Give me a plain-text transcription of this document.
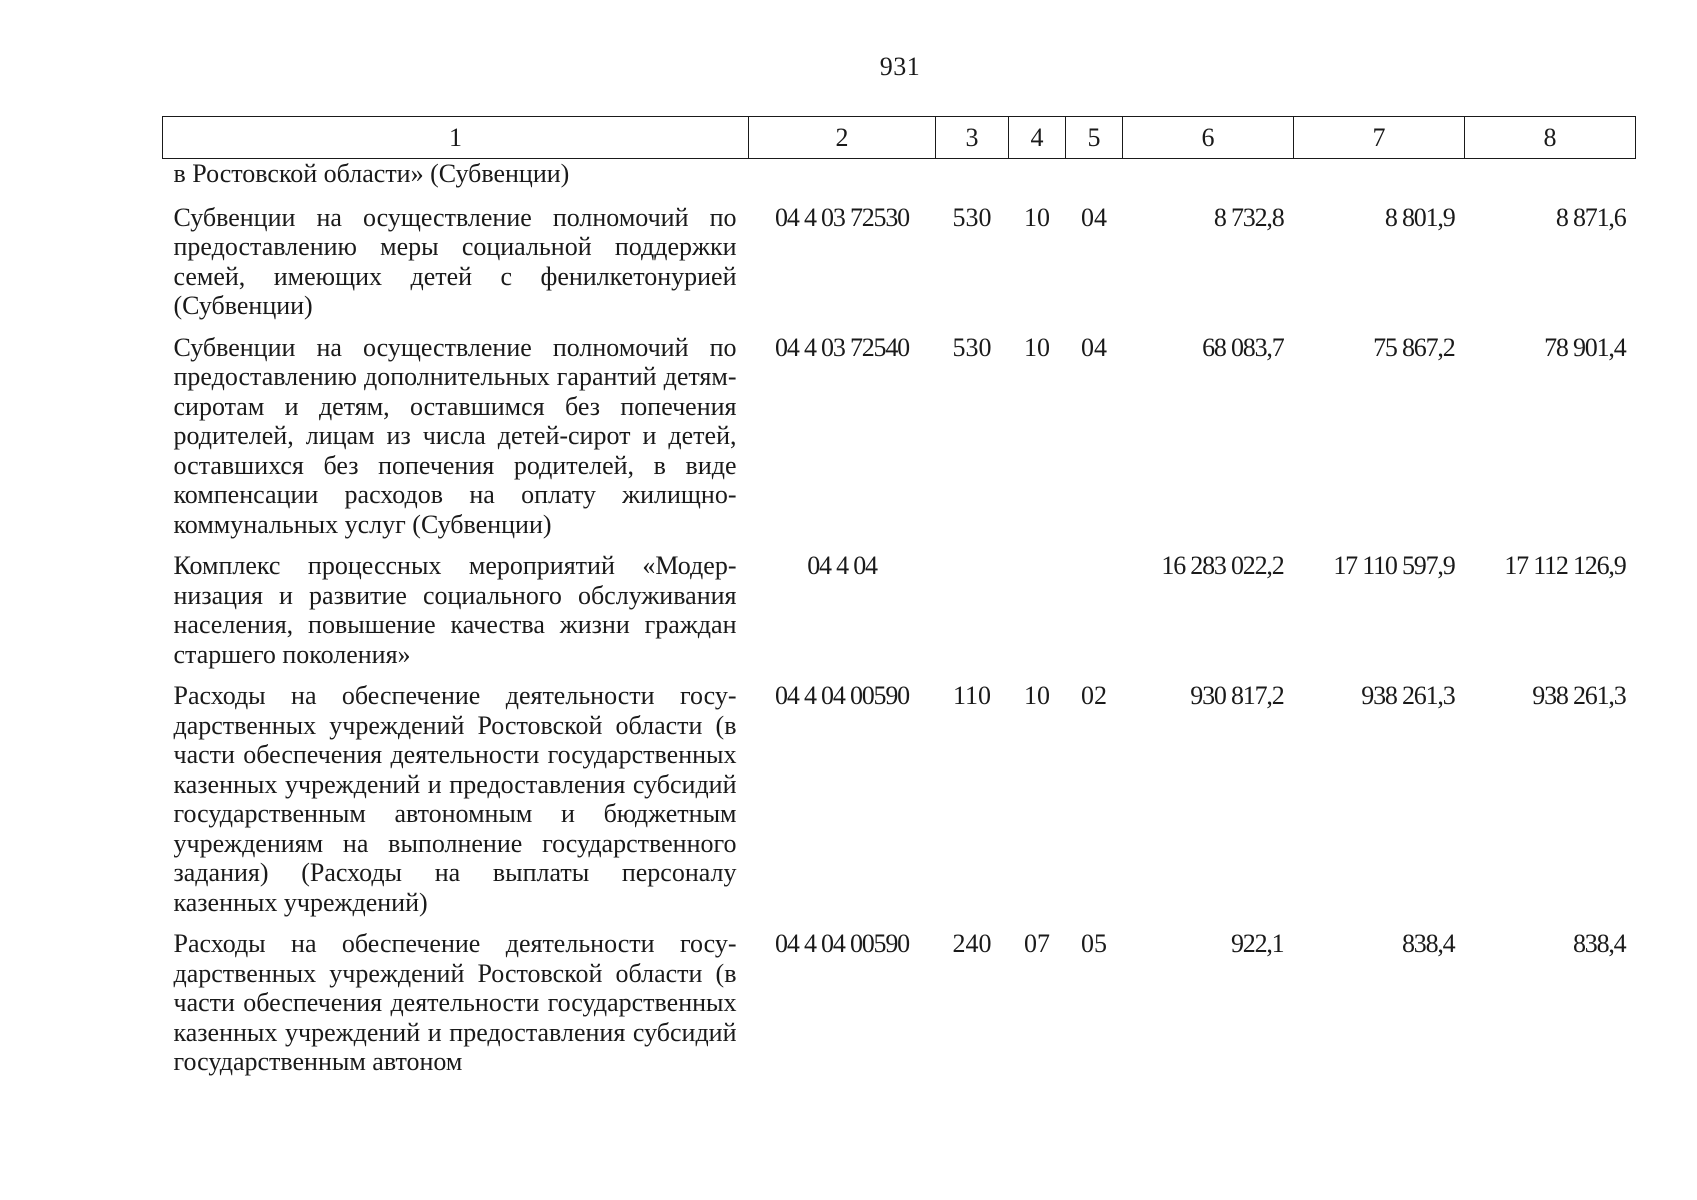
931
1	2	3	4	5	6	7	8
в Ростовской области» (Субвенции)							
Субвенции на осуществление полномочий по предоставлению меры социальной поддержки семей, имеющих детей с фенилкетонурией (Субвенции)	04 4 03 72530	530	10	04	8 732,8	8 801,9	8 871,6
Субвенции на осуществление полномочий по предоставлению дополнительных гарантий детям-сиротам и детям, оставшимся без попечения родителей, лицам из числа детей-сирот и детей, оставшихся без попечения родителей, в виде компенсации расходов на оплату жилищно-коммунальных услуг (Субвенции)	04 4 03 72540	530	10	04	68 083,7	75 867,2	78 901,4
Комплекс процессных мероприятий «Модернизация и развитие социального обслуживания населения, повышение качества жизни граждан старшего поколения»	04 4 04				16 283 022,2	17 110 597,9	17 112 126,9
Расходы на обеспечение деятельности государственных учреждений Ростовской области (в части обеспечения деятельности государственных казенных учреждений и предоставления субсидий государственным автономным и бюджетным учреждениям на выполнение государственного задания) (Расходы на выплаты персоналу казенных учреждений)	04 4 04 00590	110	10	02	930 817,2	938 261,3	938 261,3
Расходы на обеспечение деятельности государственных учреждений Ростовской области (в части обеспечения деятельности государственных казенных учреждений и предоставления субсидий государственным автоном	04 4 04 00590	240	07	05	922,1	838,4	838,4
